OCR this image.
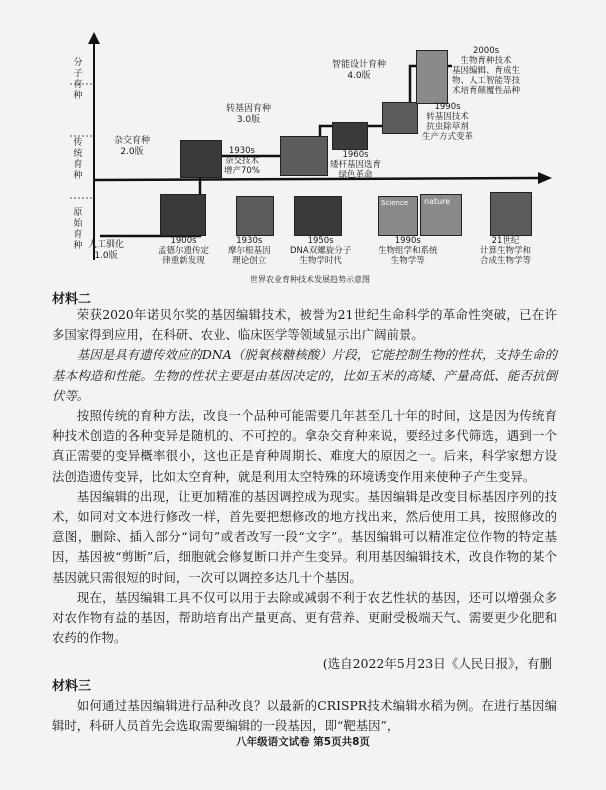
分子育种
传统育种
原始育种 人工驯化
1.0版
杂交育种
2.0版
转基因育种
3.0版
智能设计育种
4.0版
1930s
杂交技术
增产70%
1960s
矮杆基因选育
绿色革命
1990s
转基因技术
抗虫除草剂
生产方式变革
2000s
生物育种技术
基因编辑、育成生
物、人工智能等技
术培育颠覆性品种
Science nature
1900s
孟德尔遗传定
律重新发现
1930s
摩尔根基因
理论创立
1950s
DNA双螺旋分子
生物学时代
1990s
生物组学和系统
生物学等
21世纪
计算生物学和
合成生物学等
世界农业育种技术发展趋势示意图
材料二

荣获2020年诺贝尔奖的基因编辑技术，被誉为21世纪生命科学的革命性突破，已在许多国家得到应用，在科研、农业、临床医学等领域显示出广阔前景。

基因是具有遗传效应的DNA（脱氧核糖核酸）片段，它能控制生物的性状，支持生命的基本构造和性能。生物的性状主要是由基因决定的，比如玉米的高矮、产量高低、能否抗倒伏等。

按照传统的育种方法，改良一个品种可能需要几年甚至几十年的时间，这是因为传统育种技术创造的各种变异是随机的、不可控的。拿杂交育种来说，要经过多代筛选，遇到一个真正需要的变异概率很小，这也正是育种周期长、难度大的原因之一。后来，科学家想方设法创造遗传变异，比如太空育种，就是利用太空特殊的环境诱变作用来使种子产生变异。

基因编辑的出现，让更加精准的基因调控成为现实。基因编辑是改变目标基因序列的技术，如同对文本进行修改一样，首先要把想修改的地方找出来，然后使用工具，按照修改的意图，删除、插入部分“词句”或者改写一段“文字”。基因编辑可以精准定位作物的特定基因，基因被“剪断”后，细胞就会修复断口并产生变异。利用基因编辑技术，改良作物的某个基因就只需很短的时间，一次可以调控多达几十个基因。

现在，基因编辑工具不仅可以用于去除或减弱不利于农艺性状的基因，还可以增强众多对农作物有益的基因，帮助培育出产量更高、更有营养、更耐受极端天气、需要更少化肥和农药的作物。

(选自2022年5月23日《人民日报》，有删
材料三

如何通过基因编辑进行品种改良？以最新的CRISPR技术编辑水稻为例。在进行基因编辑时，科研人员首先会选取需要编辑的一段基因，即“靶基因”，

八年级语文试卷 第5页共8页
